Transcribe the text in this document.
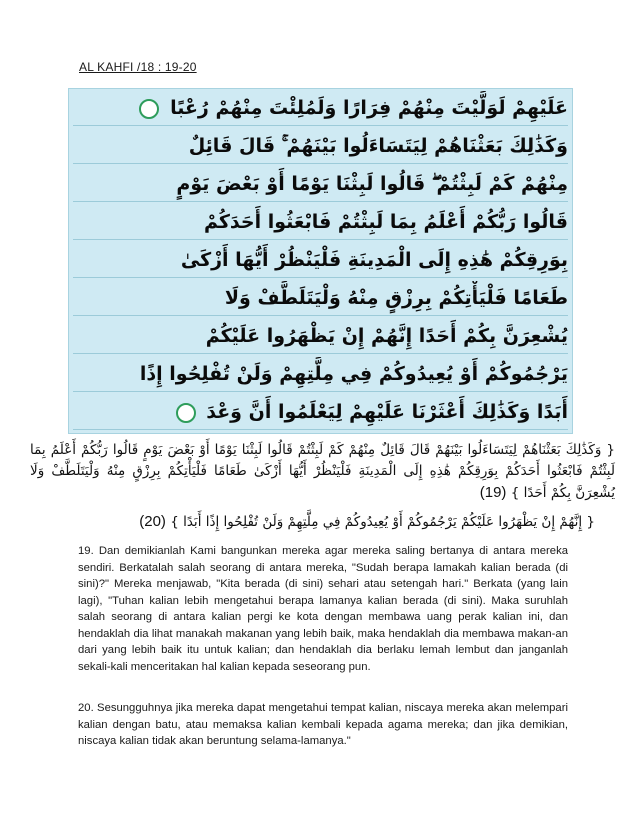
AL KAHFI /18 : 19-20
عَلَيْهِمْ لَوَلَّيْتَ مِنْهُمْ فِرَارًا وَلَمُلِئْتَ مِنْهُمْ رُعْبًا
وَكَذَٰلِكَ بَعَثْنَاهُمْ لِيَتَسَاءَلُوا بَيْنَهُمْ ۚ قَالَ قَائِلٌ
مِنْهُمْ كَمْ لَبِثْتُمْ ۖ قَالُوا لَبِثْنَا يَوْمًا أَوْ بَعْضَ يَوْمٍ
قَالُوا رَبُّكُمْ أَعْلَمُ بِمَا لَبِثْتُمْ فَابْعَثُوا أَحَدَكُمْ
بِوَرِقِكُمْ هَٰذِهِ إِلَى الْمَدِينَةِ فَلْيَنْظُرْ أَيُّهَا أَزْكَىٰ
طَعَامًا فَلْيَأْتِكُمْ بِرِزْقٍ مِنْهُ وَلْيَتَلَطَّفْ وَلَا
يُشْعِرَنَّ بِكُمْ أَحَدًا إِنَّهُمْ إِنْ يَظْهَرُوا عَلَيْكُمْ
يَرْجُمُوكُمْ أَوْ يُعِيدُوكُمْ فِي مِلَّتِهِمْ وَلَنْ تُفْلِحُوا إِذًا
أَبَدًا وَكَذَٰلِكَ أَعْثَرْنَا عَلَيْهِمْ لِيَعْلَمُوا أَنَّ وَعْدَ
{ وَكَذَٰلِكَ بَعَثْنَاهُمْ لِيَتَسَاءَلُوا بَيْنَهُمْ قَالَ قَائِلٌ مِنْهُمْ كَمْ لَبِثْتُمْ قَالُوا لَبِثْنَا يَوْمًا أَوْ بَعْضَ يَوْمٍ قَالُوا رَبُّكُمْ أَعْلَمُ بِمَا لَبِثْتُمْ فَابْعَثُوا أَحَدَكُمْ بِوَرِقِكُمْ هَٰذِهِ إِلَى الْمَدِينَةِ فَلْيَنْظُرْ أَيُّهَا أَزْكَىٰ طَعَامًا فَلْيَأْتِكُمْ بِرِزْقٍ مِنْهُ وَلْيَتَلَطَّفْ وَلَا يُشْعِرَنَّ بِكُمْ أَحَدًا } (19)
{ إِنَّهُمْ إِنْ يَظْهَرُوا عَلَيْكُمْ يَرْجُمُوكُمْ أَوْ يُعِيدُوكُمْ فِي مِلَّتِهِمْ وَلَنْ تُفْلِحُوا إِذًا أَبَدًا } (20)
19. Dan demikianlah Kami bangunkan mereka agar mereka saling bertanya di antara mereka sendiri. Berkatalah salah seorang di antara mereka, "Sudah berapa lamakah kalian berada (di sini)?" Mereka menjawab, "Kita berada (di sini) sehari atau setengah hari." Berkata (yang lain lagi), "Tuhan kalian lebih mengetahui berapa lamanya kalian berada (di sini). Maka suruhlah salah seorang di antara kalian pergi ke kota dengan membawa uang perak kalian ini, dan hendaklah dia lihat manakah makanan yang lebih baik, maka hendaklah dia membawa makan-an dari yang lebih baik itu untuk kalian; dan hendaklah dia berlaku lemah lembut dan janganlah sekali-kali menceritakan hal kalian kepada seseorang pun.
20. Sesungguhnya jika mereka dapat mengetahui tempat kalian, niscaya mereka akan melempari kalian dengan batu, atau memaksa kalian kembali kepada agama mereka; dan jika demikian, niscaya kalian tidak akan beruntung selama-lamanya."
